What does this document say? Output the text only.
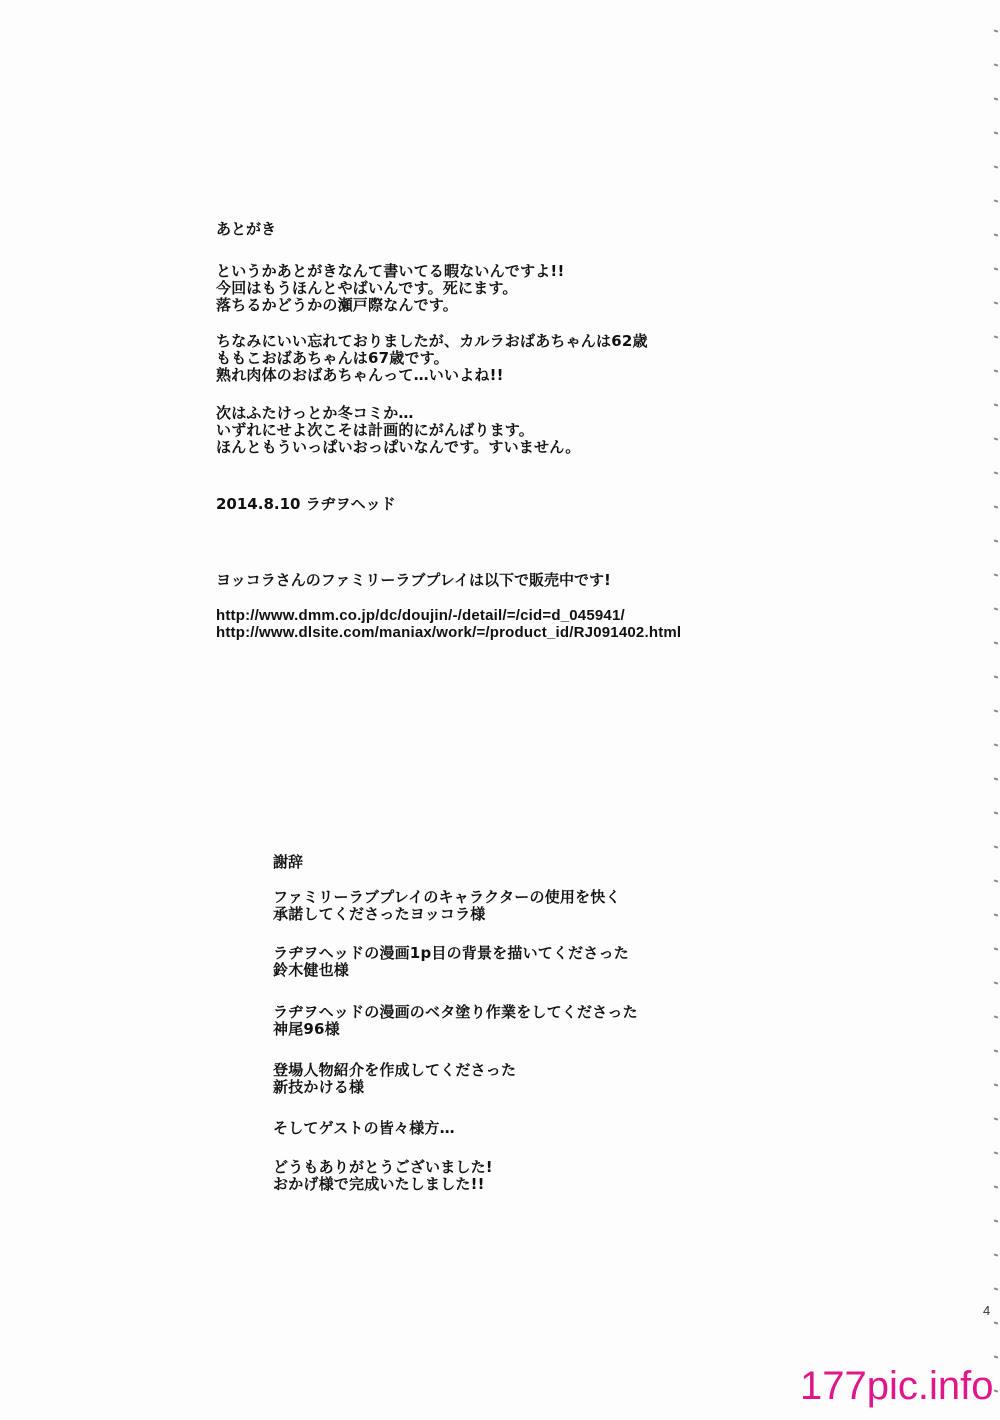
あとがき

というかあとがきなんて書いてる暇ないんですよ!!

今回はもうほんとやばいんです。死にます。

落ちるかどうかの瀬戸際なんです。

ちなみにいい忘れておりましたが、カルラおばあちゃんは62歳

ももこおばあちゃんは67歳です。

熟れ肉体のおばあちゃんって…いいよね!!

次はふたけっとか冬コミか…

いずれにせよ次こそは計画的にがんばります。

ほんともういっぱいおっぱいなんです。すいません。

2014.8.10 ラヂヲヘッド
ヨッコラさんのファミリーラブプレイは以下で販売中です!

http://www.dmm.co.jp/dc/doujin/-/detail/=/cid=d_045941/

http://www.dlsite.com/maniax/work/=/product_id/RJ091402.html

謝辞

ファミリーラブプレイのキャラクターの使用を快く

承諾してくださったヨッコラ様

ラヂヲヘッドの漫画1p目の背景を描いてくださった

鈴木健也様

ラヂヲヘッドの漫画のベタ塗り作業をしてくださった

神尾96様

登場人物紹介を作成してくださった

新技かける様

そしてゲストの皆々様方…

どうもありがとうございました!

おかげ様で完成いたしました!!

4
177pic.info
